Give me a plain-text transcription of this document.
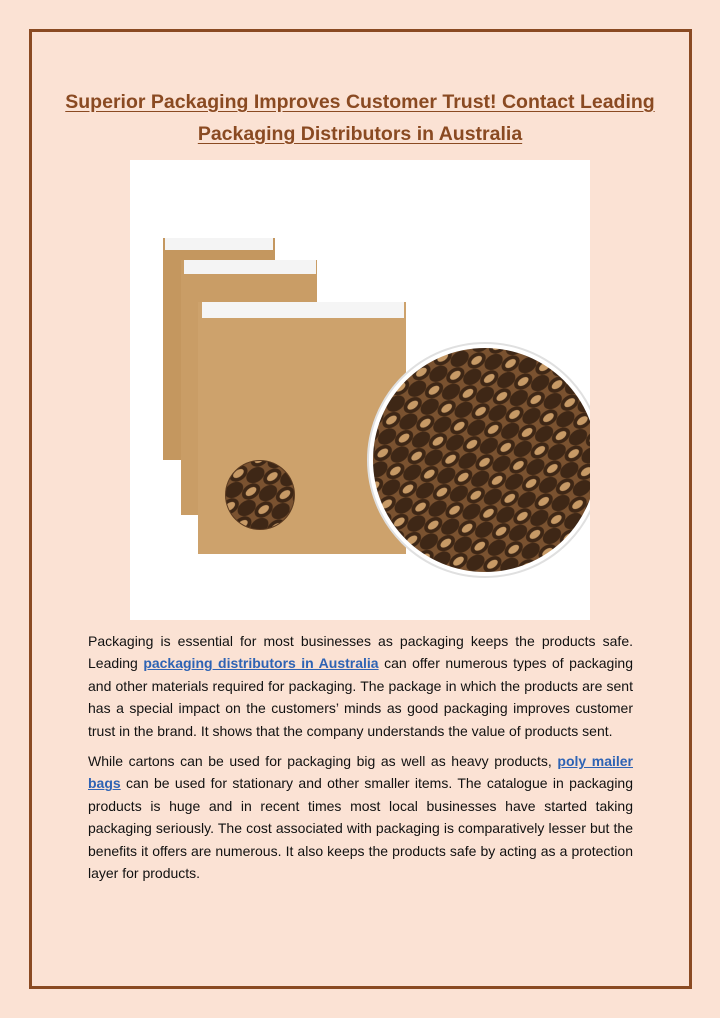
Superior Packaging Improves Customer Trust! Contact Leading Packaging Distributors in Australia

Packaging is essential for most businesses as packaging keeps the products safe. Leading packaging distributors in Australia can offer numerous types of packaging and other materials required for packaging. The package in which the products are sent has a special impact on the customers’ minds as good packaging improves customer trust in the brand. It shows that the company understands the value of products sent.

While cartons can be used for packaging big as well as heavy products, poly mailer bags can be used for stationary and other smaller items. The catalogue in packaging products is huge and in recent times most local businesses have started taking packaging seriously. The cost associated with packaging is comparatively lesser but the benefits it offers are numerous. It also keeps the products safe by acting as a protection layer for products.
